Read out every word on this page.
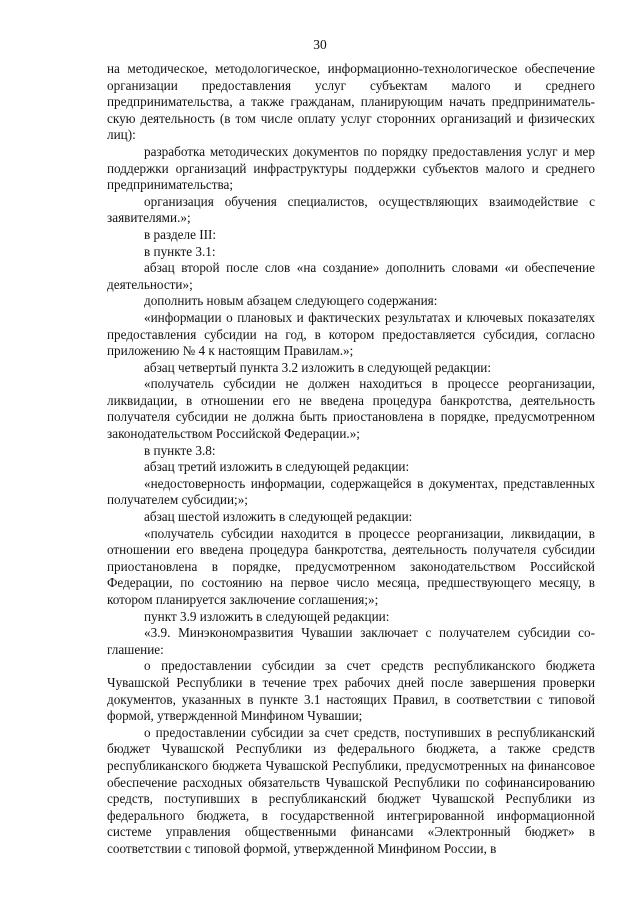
30

на методическое, методологическое, информационно-технологическое обеспечение организации предоставления услуг субъектам малого и среднего предпринимательства, а также гражданам, планирующим начать предпринимательскую деятельность (в том числе оплату услуг сторонних организаций и физических лиц):

разработка методических документов по порядку предоставления услуг и мер поддержки организаций инфраструктуры поддержки субъектов малого и среднего предпринимательства;

организация обучения специалистов, осуществляющих взаимодействие с заявителями.»;

в разделе III:

в пункте 3.1:

абзац второй после слов «на создание» дополнить словами «и обеспечение деятельности»;

дополнить новым абзацем следующего содержания:

«информации о плановых и фактических результатах и ключевых показателях предоставления субсидии на год, в котором предоставляется субсидия, согласно приложению № 4 к настоящим Правилам.»;

абзац четвертый пункта 3.2 изложить в следующей редакции:

«получатель субсидии не должен находиться в процессе реорганизации, ликвидации, в отношении его не введена процедура банкротства, деятельность получателя субсидии не должна быть приостановлена в порядке, предусмотренном законодательством Российской Федерации.»;

в пункте 3.8:

абзац третий изложить в следующей редакции:

«недостоверность информации, содержащейся в документах, представленных получателем субсидии;»;

абзац шестой изложить в следующей редакции:

«получатель субсидии находится в процессе реорганизации, ликвидации, в отношении его введена процедура банкротства, деятельность получателя субсидии приостановлена в порядке, предусмотренном законодательством Российской Федерации, по состоянию на первое число месяца, предшествующего месяцу, в котором планируется заключение соглашения;»;

пункт 3.9 изложить в следующей редакции:

«3.9. Минэкономразвития Чувашии заключает с получателем субсидии соглашение:

о предоставлении субсидии за счет средств республиканского бюджета Чувашской Республики в течение трех рабочих дней после завершения проверки документов, указанных в пункте 3.1 настоящих Правил, в соответствии с типовой формой, утвержденной Минфином Чувашии;

о предоставлении субсидии за счет средств, поступивших в республиканский бюджет Чувашской Республики из федерального бюджета, а также средств республиканского бюджета Чувашской Республики, предусмотренных на финансовое обеспечение расходных обязательств Чувашской Республики по софинансированию средств, поступивших в республиканский бюджет Чувашской Республики из федерального бюджета, в государственной интегрированной информационной системе управления общественными финансами «Электронный бюджет» в соответствии с типовой формой, утвержденной Минфином России, в
